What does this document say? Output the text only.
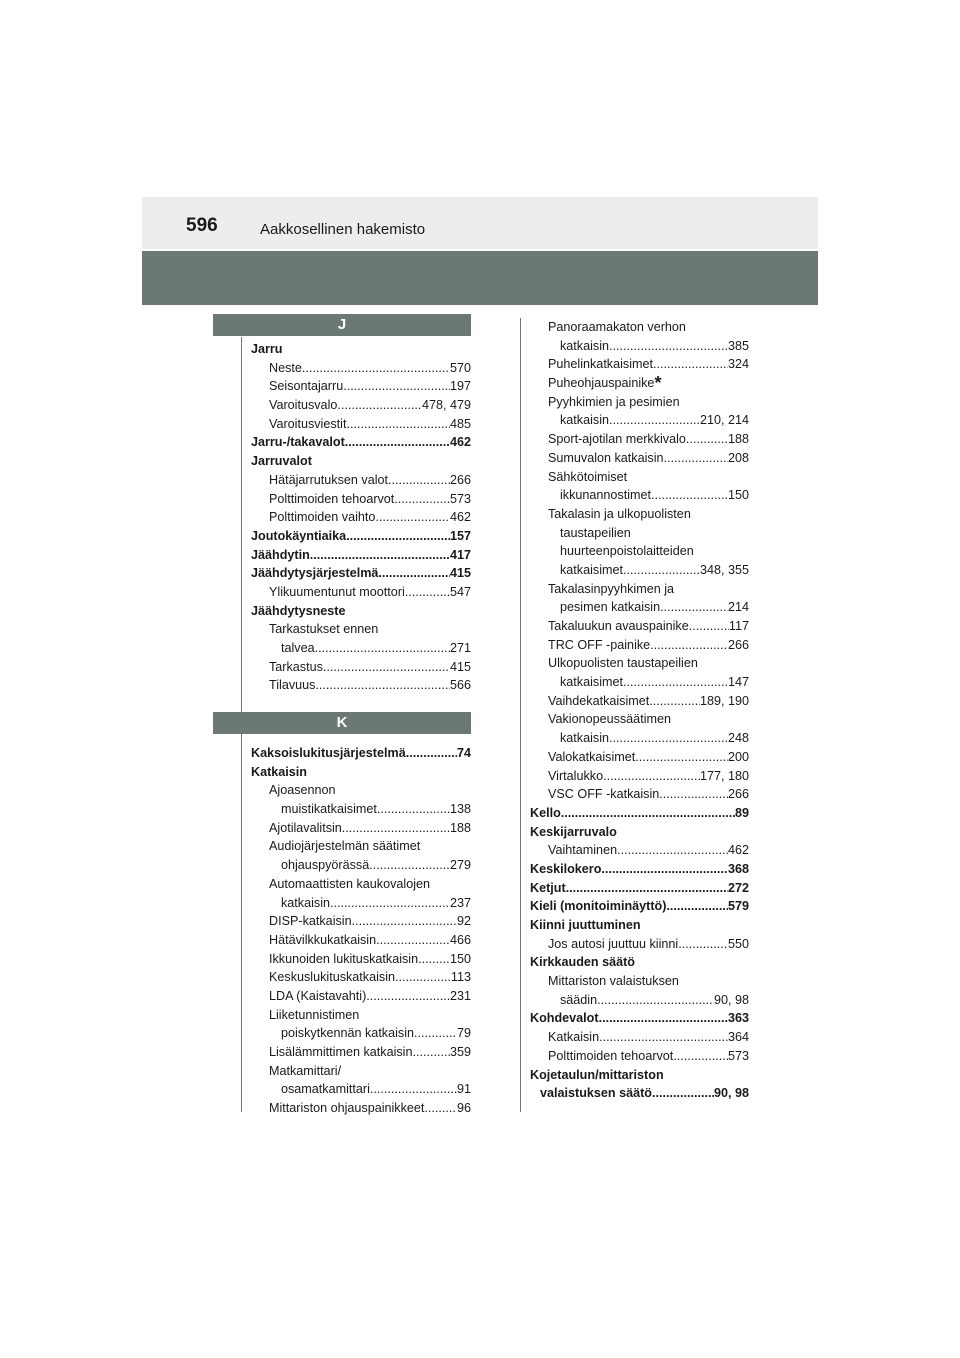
596	Aakkosellinen hakemisto
J
K
Jarru
Neste .....	570
Seisontajarru .....	197
Varoitusvalo .....	478, 479
Varoitusviestit .....	485
Jarru-/takavalot .....	462
Jarruvalot
Hätäjarrutuksen valot .....	266
Polttimoiden tehoarvot .....	573
Polttimoiden vaihto .....	462
Joutokäyntiaika .....	157
Jäähdytin .....	417
Jäähdytysjärjestelmä .....	415
Ylikuumentunut moottori .....	547
Jäähdytysneste
Tarkastukset ennen
talvea .....	271
Tarkastus .....	415
Tilavuus .....	566
Kaksoislukitusjärjestelmä .....	74
Katkaisin
Ajoasennon
muistikatkaisimet .....	138
Ajotilavalitsin .....	188
Audiojärjestelmän säätimet
ohjauspyörässä .....	279
Automaattisten kaukovalojen
katkaisin .....	237
DISP-katkaisin .....	92
Hätävilkkukatkaisin .....	466
Ikkunoiden lukituskatkaisin .....	150
Keskuslukituskatkaisin .....	113
LDA (Kaistavahti) .....	231
Liiketunnistimen
poiskytkennän katkaisin .....	79
Lisälämmittimen katkaisin .....	359
Matkamittari/
osamatkamittari .....	91
Mittariston ohjauspainikkeet .....	96
Panoraamakaton verhon
katkaisin .....	385
Puhelinkatkaisimet .....	324
Puheohjauspainike*
Pyyhkimien ja pesimien
katkaisin .....	210, 214
Sport-ajotilan merkkivalo .....	188
Sumuvalon katkaisin .....	208
Sähkötoimiset
ikkunannostimet .....	150
Takalasin ja ulkopuolisten
taustapeilien
huurteenpoistolaitteiden
katkaisimet .....	348, 355
Takalasinpyyhkimen ja
pesimen katkaisin .....	214
Takaluukun avauspainike .....	117
TRC OFF -painike .....	266
Ulkopuolisten taustapeilien
katkaisimet .....	147
Vaihdekatkaisimet .....	189, 190
Vakionopeussäätimen
katkaisin .....	248
Valokatkaisimet .....	200
Virtalukko .....	177, 180
VSC OFF -katkaisin .....	266
Kello .....	89
Keskijarruvalo
Vaihtaminen .....	462
Keskilokero .....	368
Ketjut .....	272
Kieli (monitoiminäyttö) .....	579
Kiinni juuttuminen
Jos autosi juuttuu kiinni .....	550
Kirkkauden säätö
Mittariston valaistuksen
säädin .....	90, 98
Kohdevalot .....	363
Katkaisin .....	364
Polttimoiden tehoarvot .....	573
Kojetaulun/mittariston
valaistuksen säätö .....	90, 98
